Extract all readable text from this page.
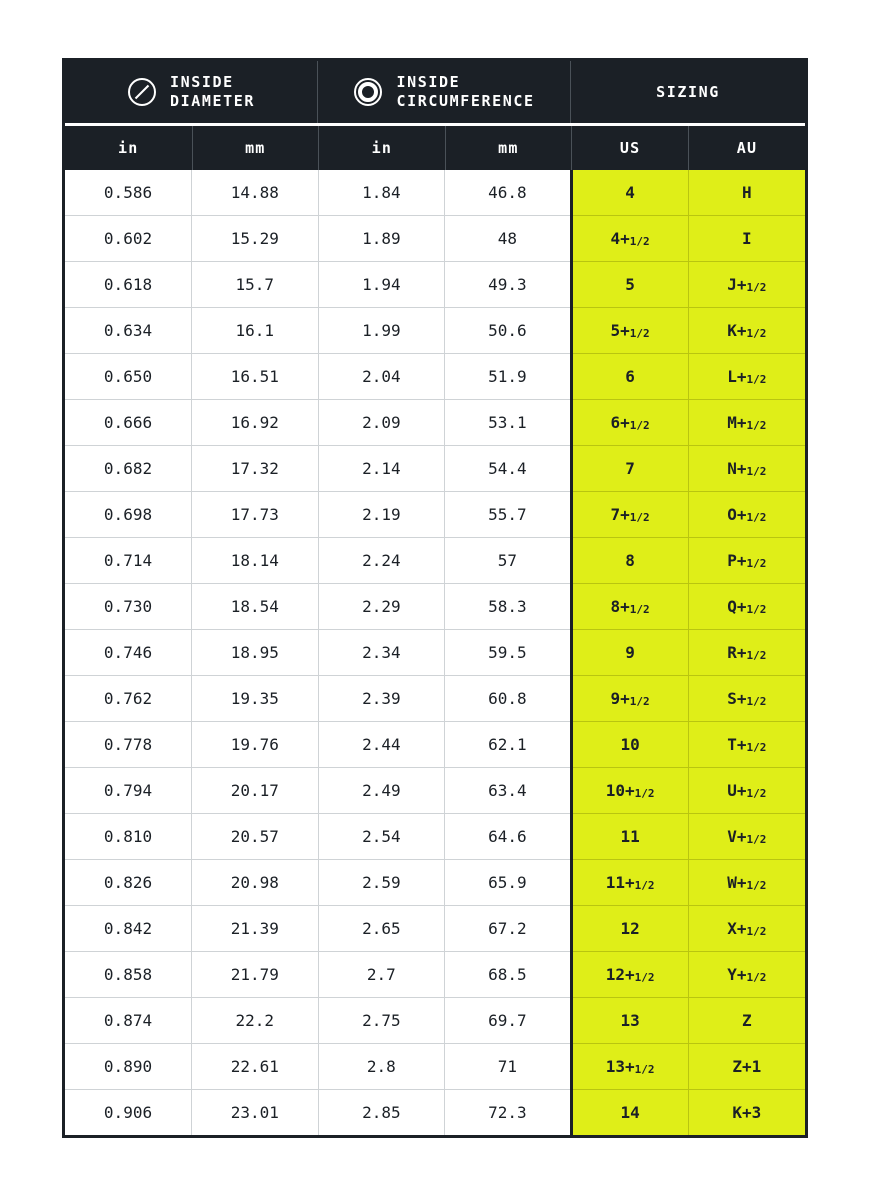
INSIDE
DIAMETER		INSIDE
CIRCUMFERENCE		SIZING	

in	mm	in	mm	US	AU

0.586	14.88	1.84	46.8	4	H
0.602	15.29	1.89	48	4+1/2	I
0.618	15.7	1.94	49.3	5	J+1/2
0.634	16.1	1.99	50.6	5+1/2	K+1/2
0.650	16.51	2.04	51.9	6	L+1/2
0.666	16.92	2.09	53.1	6+1/2	M+1/2
0.682	17.32	2.14	54.4	7	N+1/2
0.698	17.73	2.19	55.7	7+1/2	O+1/2
0.714	18.14	2.24	57	8	P+1/2
0.730	18.54	2.29	58.3	8+1/2	Q+1/2
0.746	18.95	2.34	59.5	9	R+1/2
0.762	19.35	2.39	60.8	9+1/2	S+1/2
0.778	19.76	2.44	62.1	10	T+1/2
0.794	20.17	2.49	63.4	10+1/2	U+1/2
0.810	20.57	2.54	64.6	11	V+1/2
0.826	20.98	2.59	65.9	11+1/2	W+1/2
0.842	21.39	2.65	67.2	12	X+1/2
0.858	21.79	2.7	68.5	12+1/2	Y+1/2
0.874	22.2	2.75	69.7	13	Z
0.890	22.61	2.8	71	13+1/2	Z+1
0.906	23.01	2.85	72.3	14	K+3
